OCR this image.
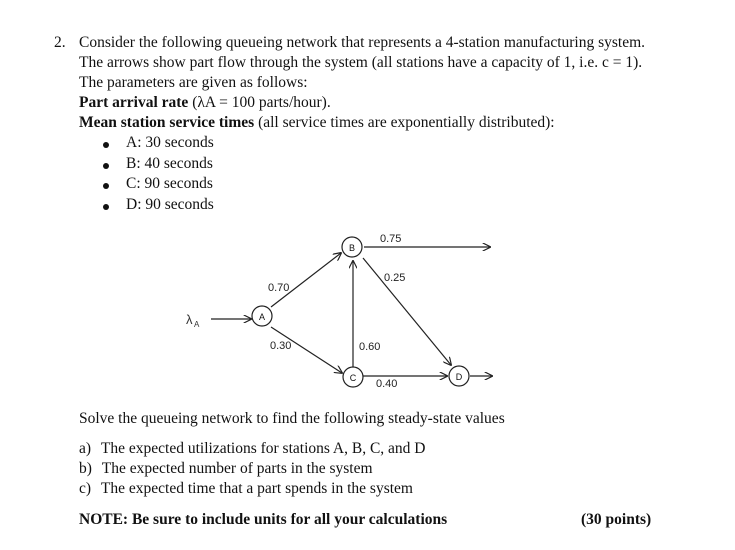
2. Consider the following queueing network that represents a 4-station manufacturing system.
The arrows show part flow through the system (all stations have a capacity of 1, i.e. c = 1).
The parameters are given as follows:
Part arrival rate (λA = 100 parts/hour).
Mean station service times (all service times are exponentially distributed):
A: 30 seconds
B: 40 seconds
C: 90 seconds
D: 90 seconds
λ A
A
B
C	D
0.70
0.30
0.75
0.25
0.60
0.40
Solve the queueing network to find the following steady-state values
a) The expected utilizations for stations A, B, C, and D
b) The expected number of parts in the system
c) The expected time that a part spends in the system
NOTE: Be sure to include units for all your calculations	(30 points)
